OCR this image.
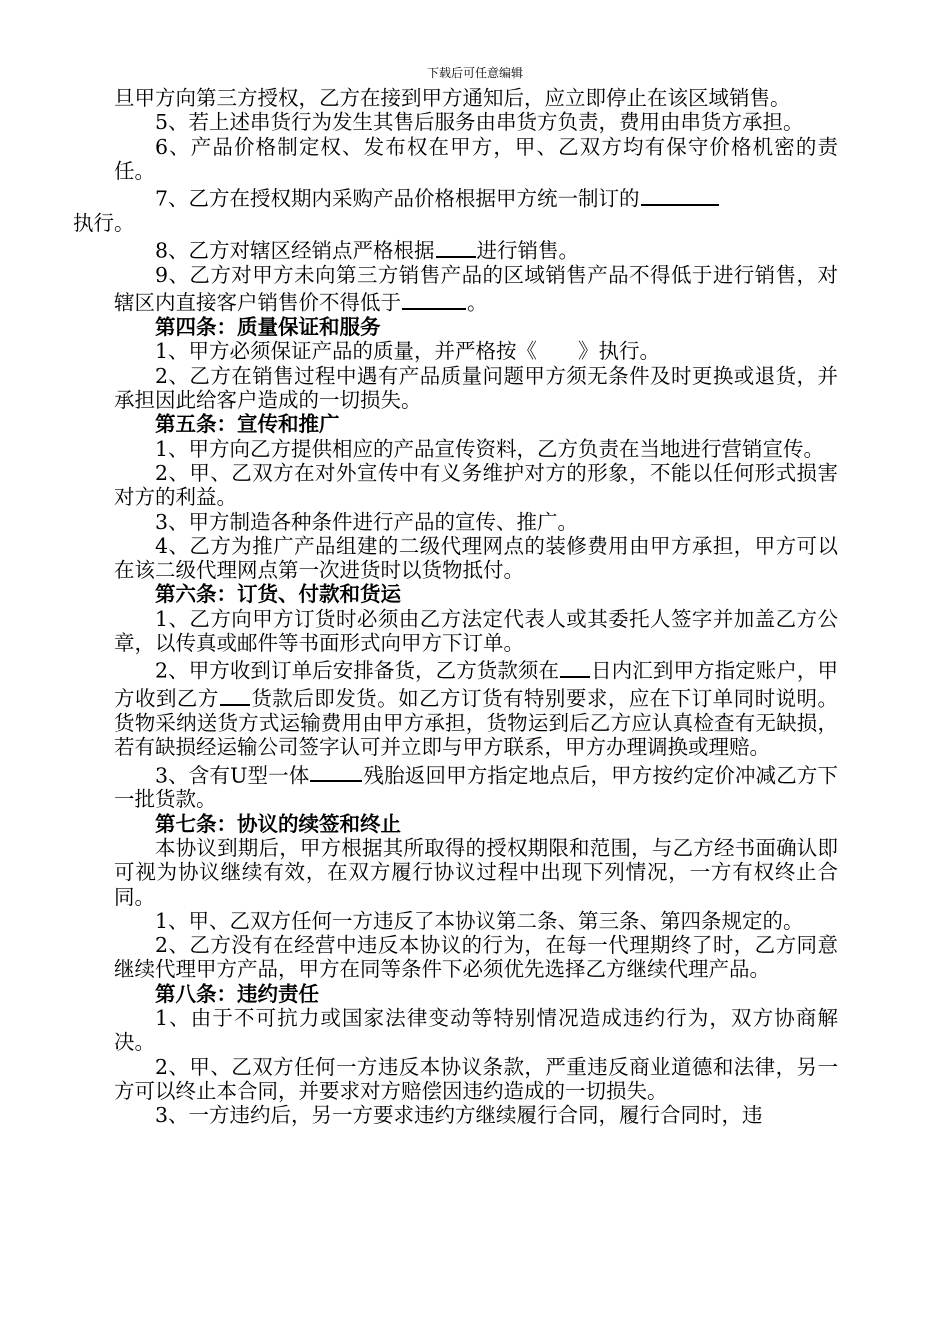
下载后可任意编辑

旦甲方向第三方授权，乙方在接到甲方通知后，应立即停止在该区域销售。

5、若上述串货行为发生其售后服务由串货方负责，费用由串货方承担。

6、产品价格制定权、发布权在甲方，甲、乙双方均有保守价格机密的责任。

7、乙方在授权期内采购产品价格根据甲方统一制订的
执行。

8、乙方对辖区经销点严格根据 进行销售。

9、乙方对甲方未向第三方销售产品的区域销售产品不得低于进行销售，对辖区内直接客户销售价不得低于	。

第四条：质量保证和服务

1、甲方必须保证产品的质量，并严格按《　　》执行。

2、乙方在销售过程中遇有产品质量问题甲方须无条件及时更换或退货，并承担因此给客户造成的一切损失。

第五条：宣传和推广

1、甲方向乙方提供相应的产品宣传资料，乙方负责在当地进行营销宣传。

2、甲、乙双方在对外宣传中有义务维护对方的形象，不能以任何形式损害对方的利益。

3、甲方制造各种条件进行产品的宣传、推广。

4、乙方为推广产品组建的二级代理网点的装修费用由甲方承担，甲方可以在该二级代理网点第一次进货时以货物抵付。

第六条：订货、付款和货运

1、乙方向甲方订货时必须由乙方法定代表人或其委托人签字并加盖乙方公章，以传真或邮件等书面形式向甲方下订单。

2、甲方收到订单后安排备货，乙方货款须在 日内汇到甲方指定账户，甲方收到乙方 货款后即发货。如乙方订货有特别要求，应在下订单同时说明。货物采纳送货方式运输费用由甲方承担，货物运到后乙方应认真检查有无缺损，若有缺损经运输公司签字认可并立即与甲方联系，甲方办理调换或理赔。

3、含有U型一体	残胎返回甲方指定地点后，甲方按约定价冲减乙方下一批货款。

第七条：协议的续签和终止

本协议到期后，甲方根据其所取得的授权期限和范围，与乙方经书面确认即可视为协议继续有效，在双方履行协议过程中出现下列情况，一方有权终止合同。

1、甲、乙双方任何一方违反了本协议第二条、第三条、第四条规定的。

2、乙方没有在经营中违反本协议的行为，在每一代理期终了时，乙方同意继续代理甲方产品，甲方在同等条件下必须优先选择乙方继续代理产品。

第八条：违约责任

1、由于不可抗力或国家法律变动等特别情况造成违约行为，双方协商解决。

2、甲、乙双方任何一方违反本协议条款，严重违反商业道德和法律，另一方可以终止本合同，并要求对方赔偿因违约造成的一切损失。

3、一方违约后，另一方要求违约方继续履行合同，履行合同时，违
